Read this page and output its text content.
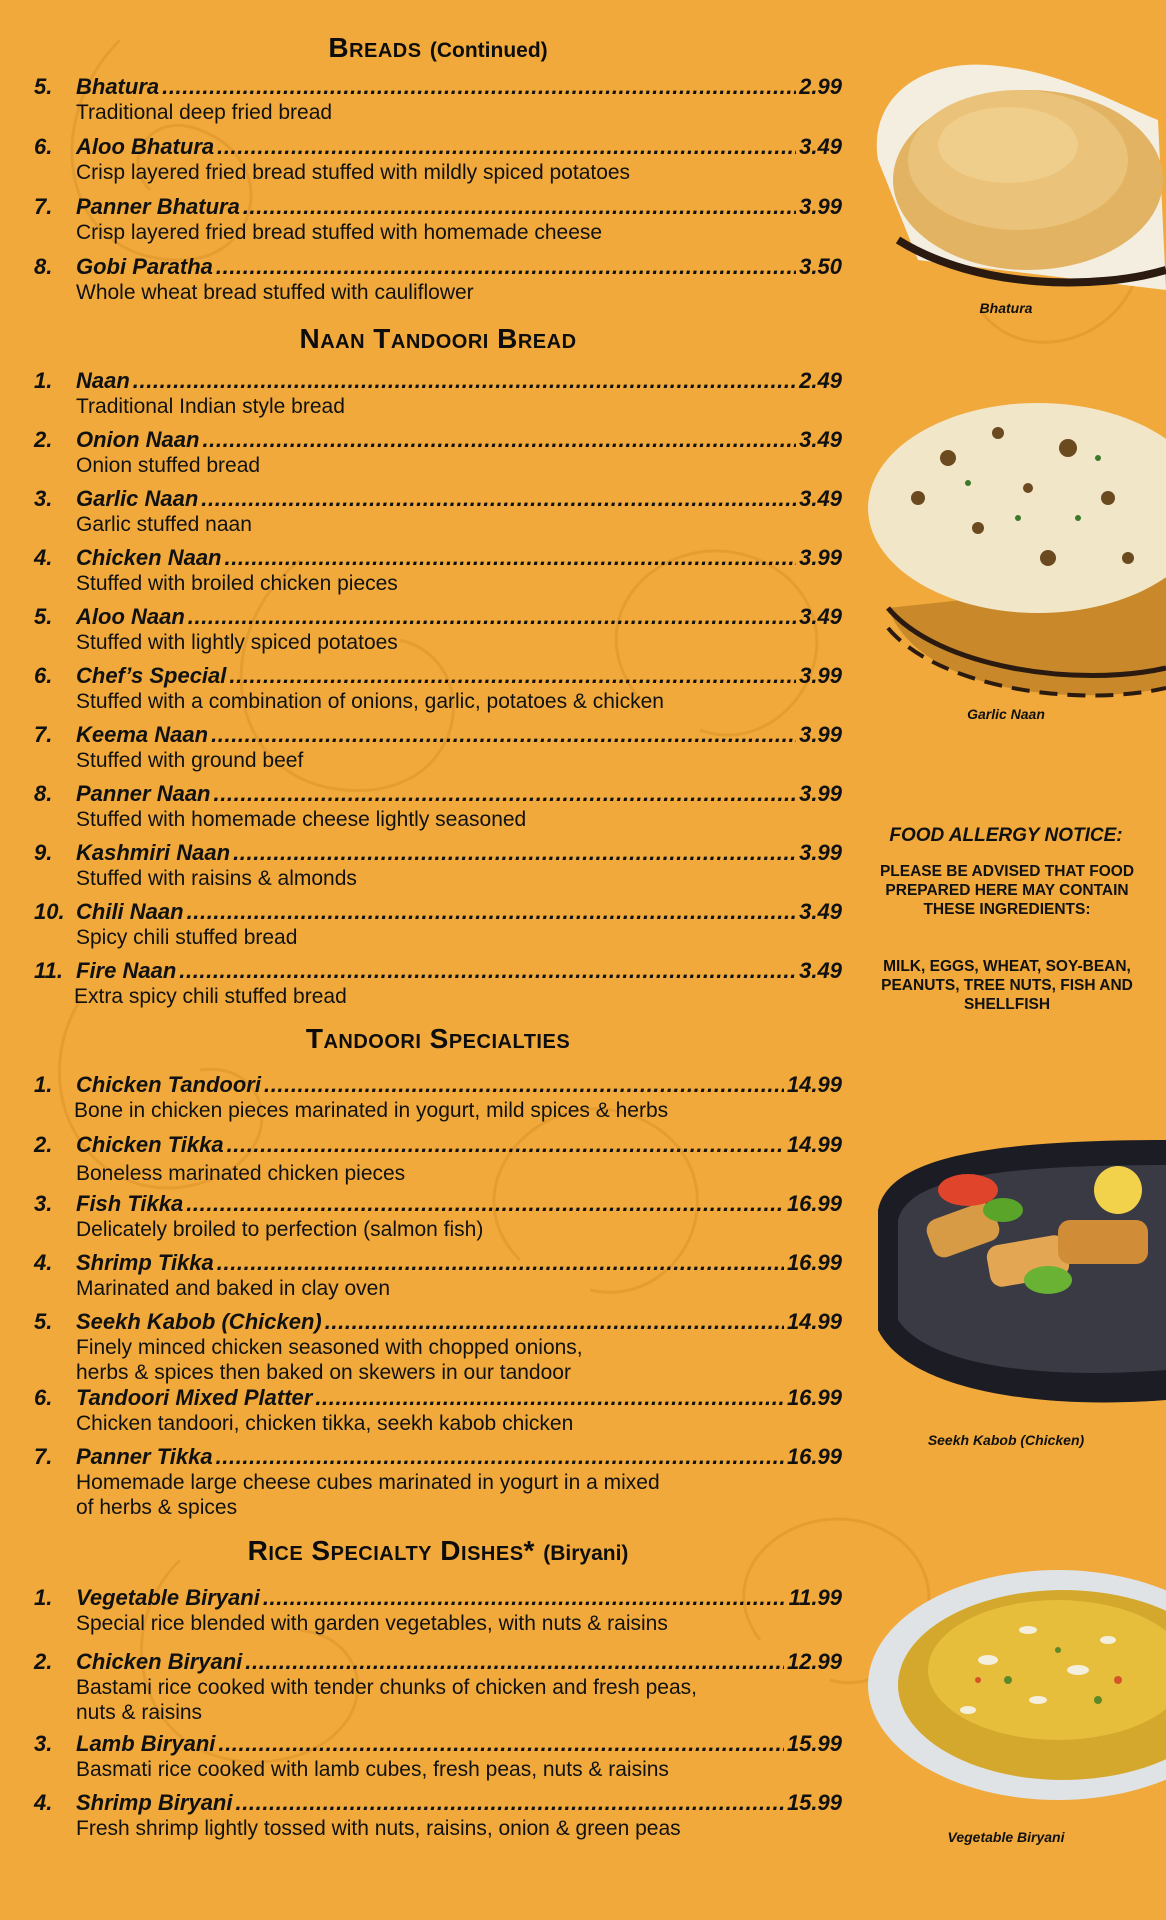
Breads (Continued)
5.	Bhatura .....	2.99
Traditional deep fried bread
6.	Aloo Bhatura .....	3.49
Crisp layered fried bread stuffed with mildly spiced potatoes
7.	Panner Bhatura .....	3.99
Crisp layered fried bread stuffed with homemade cheese
8.	Gobi Paratha .....	3.50
Whole wheat bread stuffed with cauliflower
Naan Tandoori Bread
1.	Naan .....	2.49
Traditional Indian style bread
2.	Onion Naan .....	3.49
Onion stuffed bread
3.	Garlic Naan .....	3.49
Garlic stuffed naan
4.	Chicken Naan .....	3.99
Stuffed with broiled chicken pieces
5.	Aloo Naan .....	3.49
Stuffed with lightly spiced potatoes
6.	Chef’s Special .....	3.99
Stuffed with a combination of onions, garlic, potatoes & chicken
7.	Keema Naan .....	3.99
Stuffed with ground beef
8.	Panner Naan .....	3.99
Stuffed with homemade cheese lightly seasoned
9.	Kashmiri Naan .....	3.99
Stuffed with raisins & almonds
10. Chili Naan .....	3.49
Spicy chili stuffed bread
11. Fire Naan .....	3.49
Extra spicy chili stuffed bread
Tandoori Specialties
1.	Chicken Tandoori .....	14.99
Bone in chicken pieces marinated in yogurt, mild spices & herbs
2.	Chicken Tikka .....	14.99
Boneless marinated chicken pieces
3.	Fish Tikka .....	16.99
Delicately broiled to perfection (salmon fish)
4.	Shrimp Tikka .....	16.99
Marinated and baked in clay oven
5.	Seekh Kabob (Chicken) .....	14.99
Finely minced chicken seasoned with chopped onions,
herbs & spices then baked on skewers in our tandoor
6.	Tandoori Mixed Platter .....	16.99
Chicken tandoori, chicken tikka, seekh kabob chicken
7.	Panner Tikka .....	16.99
Homemade large cheese cubes marinated in yogurt in a mixed
of herbs & spices
Rice Specialty Dishes* (Biryani)
1.	Vegetable Biryani .....	11.99
Special rice blended with garden vegetables, with nuts & raisins
2.	Chicken Biryani .....	12.99
Bastami rice cooked with tender chunks of chicken and fresh peas,
nuts & raisins
3.	Lamb Biryani .....	15.99
Basmati rice cooked with lamb cubes, fresh peas, nuts & raisins
4.	Shrimp Biryani .....	15.99
Fresh shrimp lightly tossed with nuts, raisins, onion & green peas
Bhatura
Garlic Naan
FOOD ALLERGY NOTICE:
PLEASE BE ADVISED THAT FOOD PREPARED HERE MAY CONTAIN THESE INGREDIENTS:
MILK, EGGS, WHEAT, SOY-BEAN, PEANUTS, TREE NUTS, FISH AND SHELLFISH
Seekh Kabob (Chicken)
Vegetable Biryani
